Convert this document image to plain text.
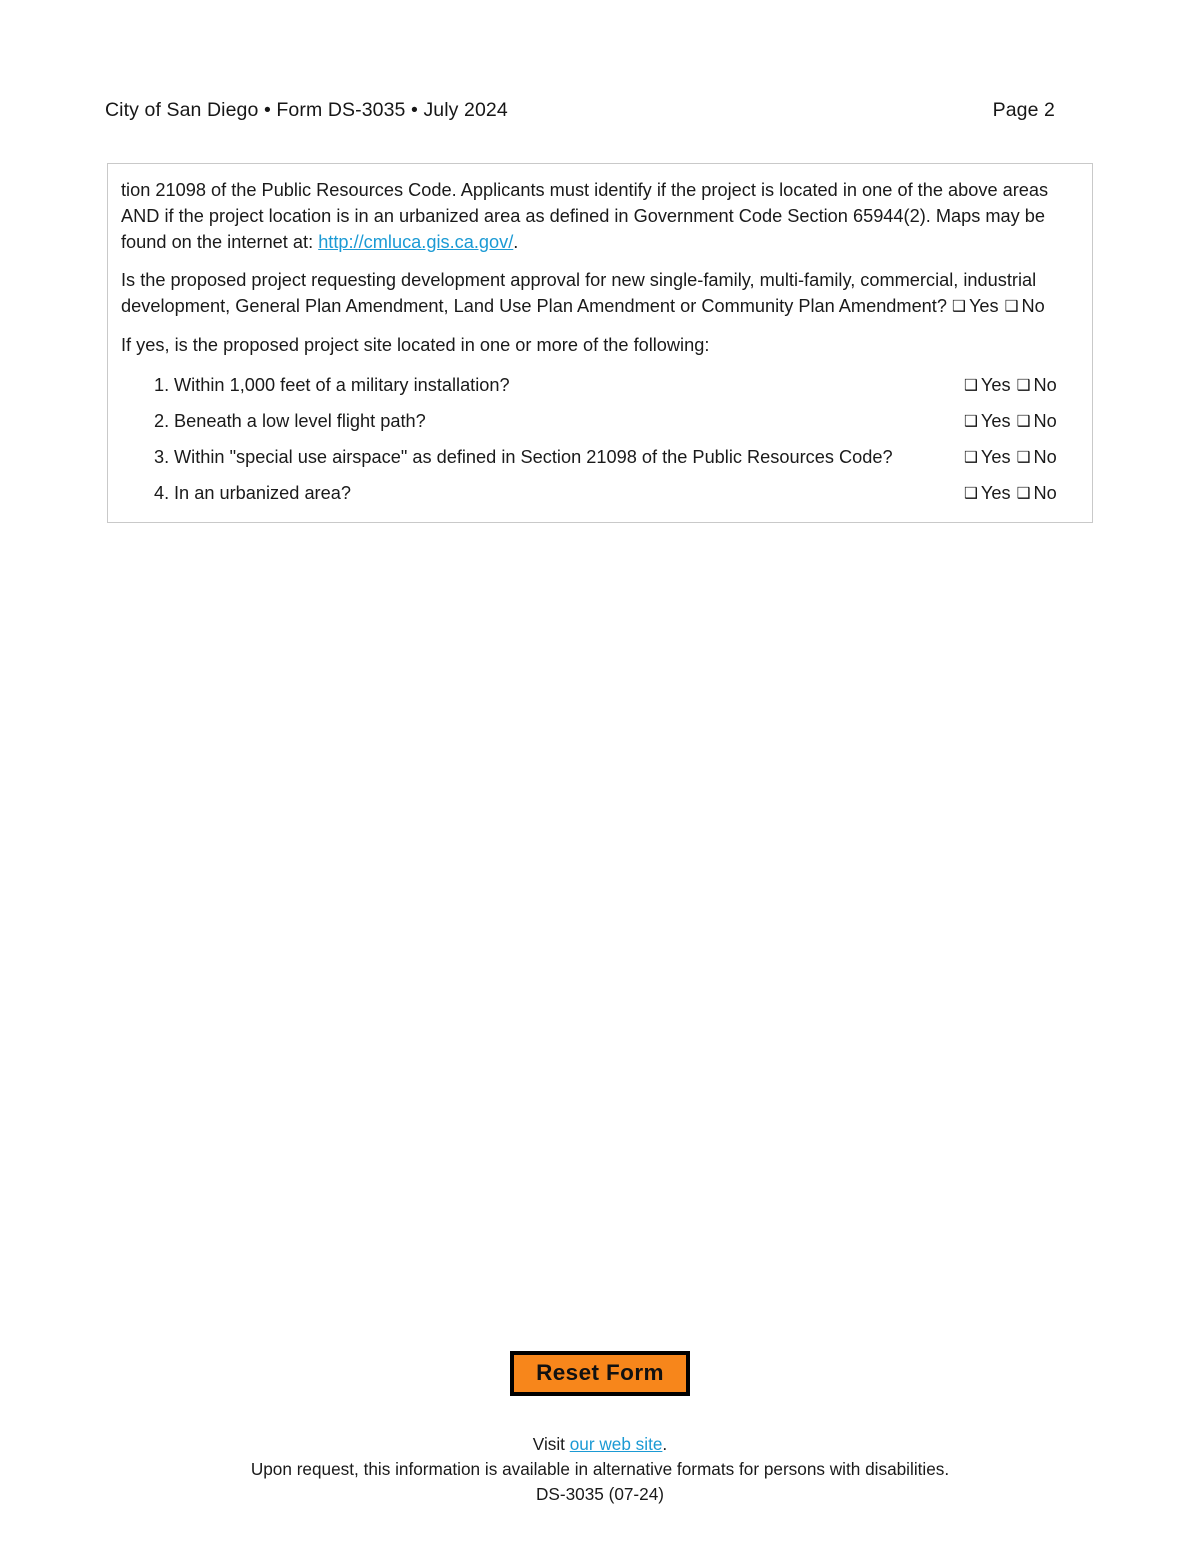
City of San Diego • Form DS-3035 • July 2024	Page 2

tion 21098 of the Public Resources Code. Applicants must identify if the project is located in one of the above areas AND if the project location is in an urbanized area as defined in Government Code Section 65944(2). Maps may be found on the internet at: http://cmluca.gis.ca.gov/.

Is the proposed project requesting development approval for new single-family, multi-family, commercial, industrial development, General Plan Amendment, Land Use Plan Amendment or Community Plan Amendment? ❑ Yes ❑ No

If yes, is the proposed project site located in one or more of the following:

1. Within 1,000 feet of a military installation?	❑ Yes ❑ No
2. Beneath a low level flight path?	❑ Yes ❑ No
3. Within "special use airspace" as defined in Section 21098 of the Public Resources Code?	❑ Yes ❑ No
4. In an urbanized area?	❑ Yes ❑ No
Reset Form
Visit our web site.
Upon request, this information is available in alternative formats for persons with disabilities.
DS-3035 (07-24)
